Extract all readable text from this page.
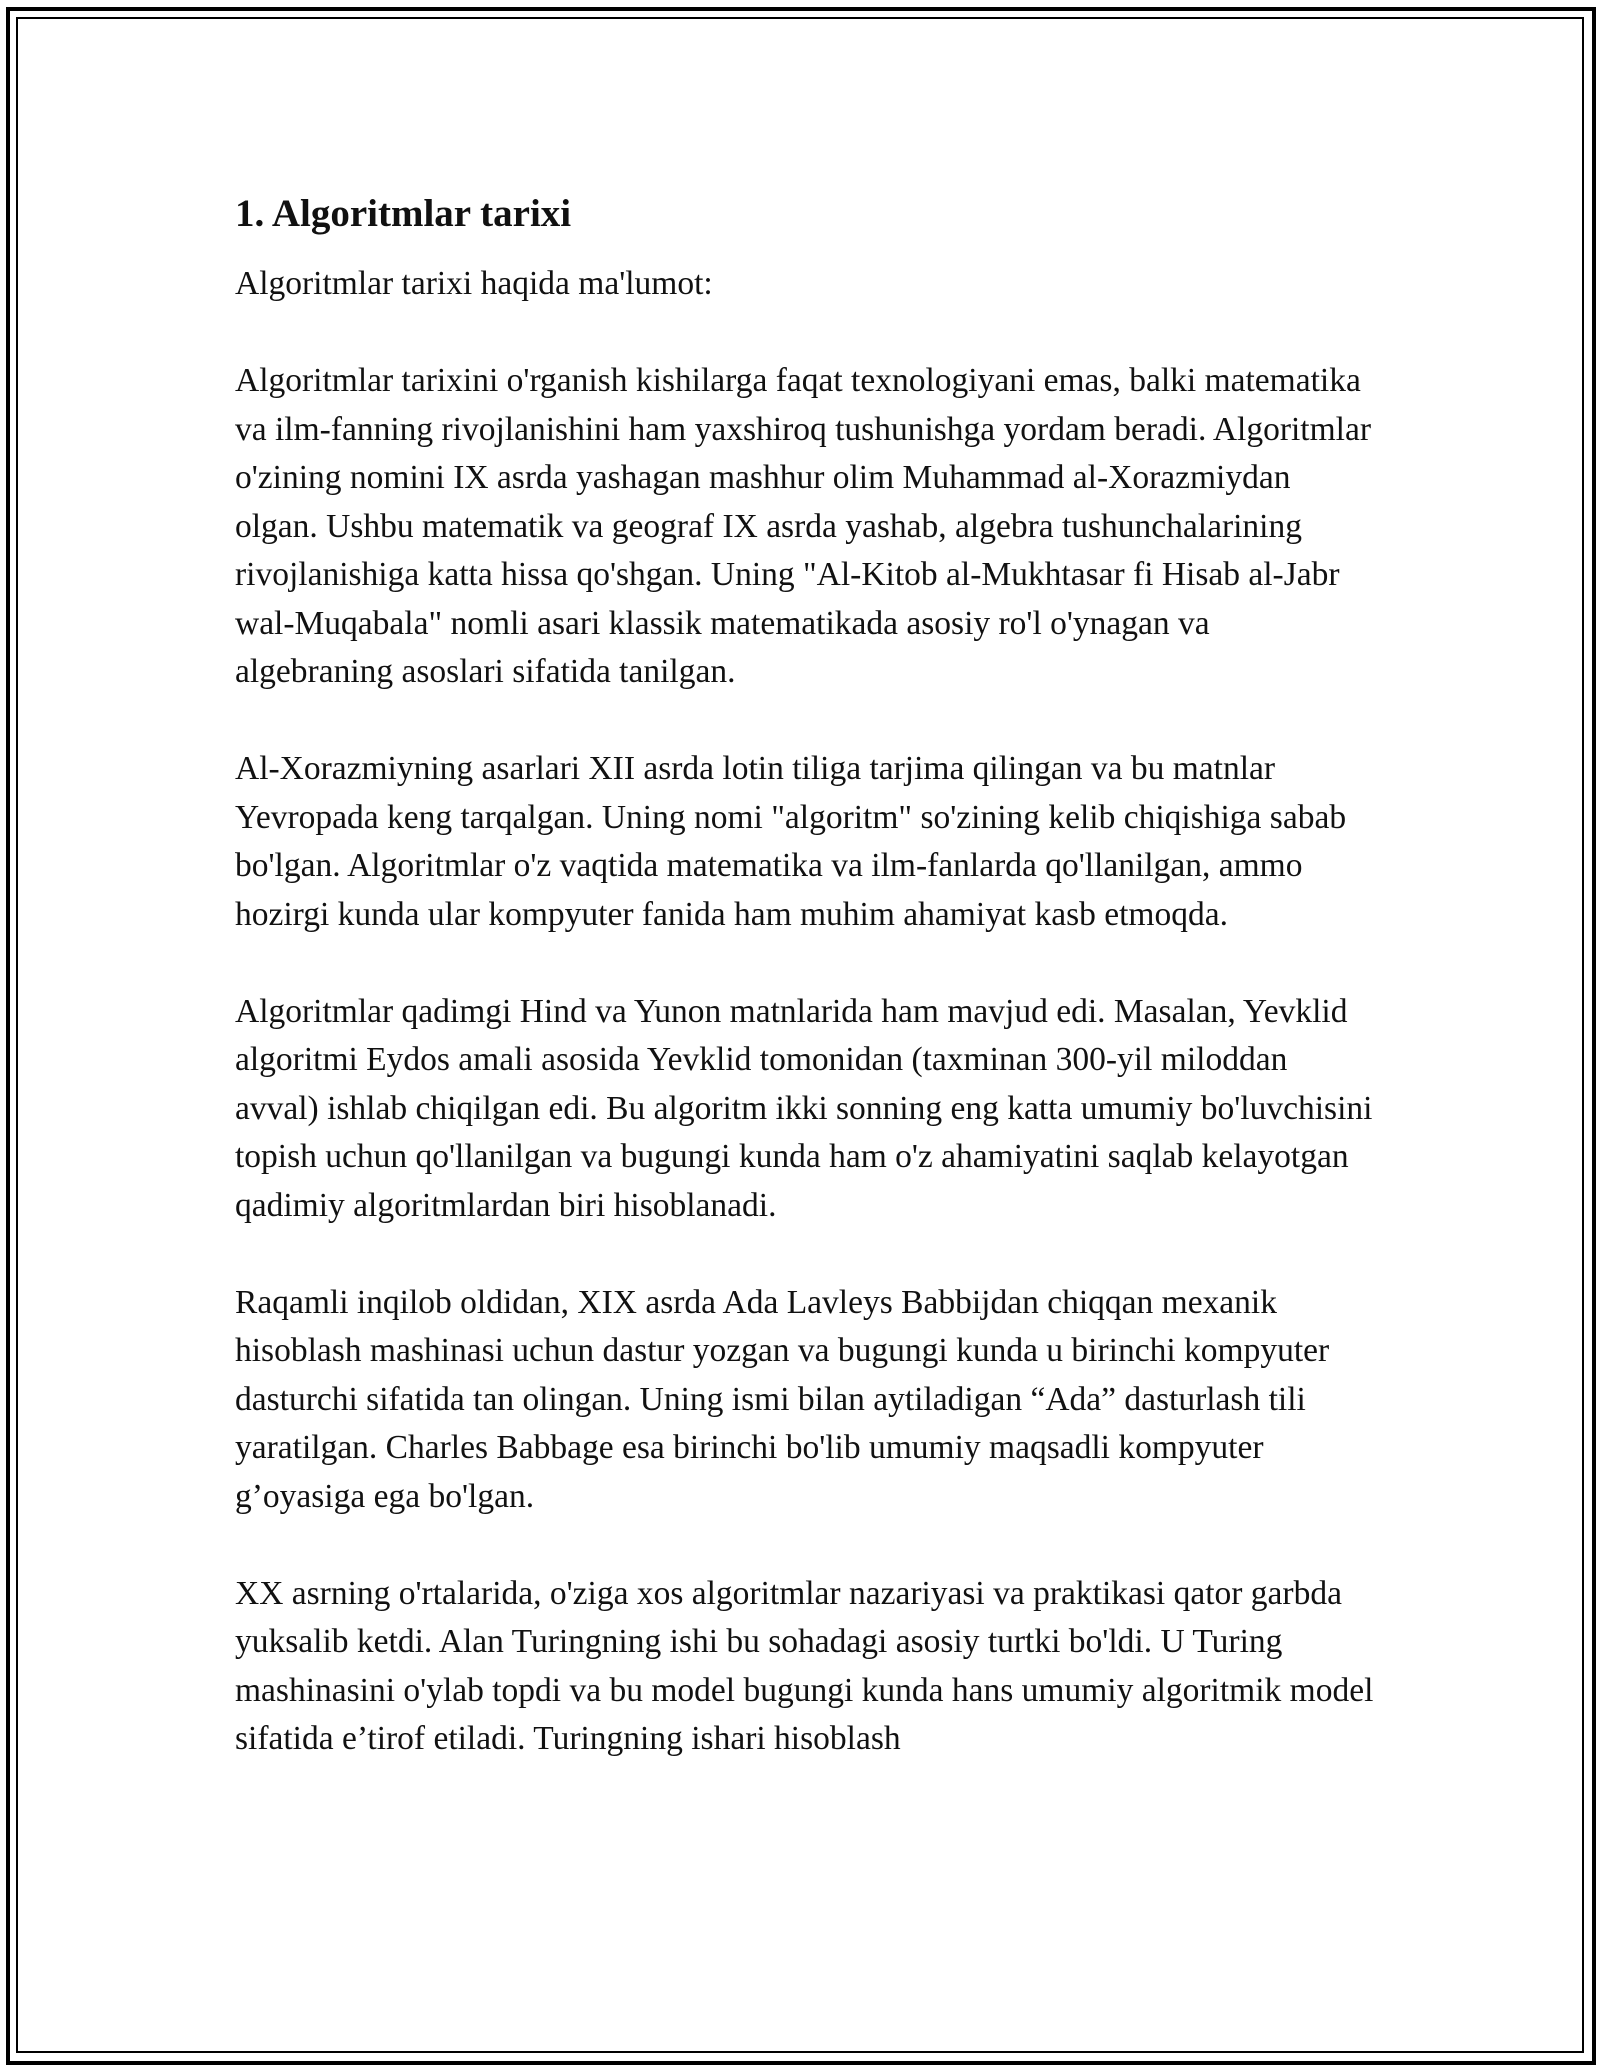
1. Algoritmlar tarixi

Algoritmlar tarixi haqida ma'lumot:

Algoritmlar tarixini o'rganish kishilarga faqat texnologiyani emas, balki matematika va ilm-fanning rivojlanishini ham yaxshiroq tushunishga yordam beradi. Algoritmlar o'zining nomini IX asrda yashagan mashhur olim Muhammad al-Xorazmiydan olgan. Ushbu matematik va geograf IX asrda yashab, algebra tushunchalarining rivojlanishiga katta hissa qo'shgan. Uning "Al-Kitob al-Mukhtasar fi Hisab al-Jabr wal-Muqabala" nomli asari klassik matematikada asosiy ro'l o'ynagan va algebraning asoslari sifatida tanilgan.

Al-Xorazmiyning asarlari XII asrda lotin tiliga tarjima qilingan va bu matnlar Yevropada keng tarqalgan. Uning nomi "algoritm" so'zining kelib chiqishiga sabab bo'lgan. Algoritmlar o'z vaqtida matematika va ilm-fanlarda qo'llanilgan, ammo hozirgi kunda ular kompyuter fanida ham muhim ahamiyat kasb etmoqda.

Algoritmlar qadimgi Hind va Yunon matnlarida ham mavjud edi. Masalan, Yevklid algoritmi Eydos amali asosida Yevklid tomonidan (taxminan 300-yil miloddan avval) ishlab chiqilgan edi. Bu algoritm ikki sonning eng katta umumiy bo'luvchisini topish uchun qo'llanilgan va bugungi kunda ham o'z ahamiyatini saqlab kelayotgan qadimiy algoritmlardan biri hisoblanadi.

Raqamli inqilob oldidan, XIX asrda Ada Lavleys Babbijdan chiqqan mexanik hisoblash mashinasi uchun dastur yozgan va bugungi kunda u birinchi kompyuter dasturchi sifatida tan olingan. Uning ismi bilan aytiladigan “Ada” dasturlash tili yaratilgan. Charles Babbage esa birinchi bo'lib umumiy maqsadli kompyuter g’oyasiga ega bo'lgan.

XX asrning o'rtalarida, o'ziga xos algoritmlar nazariyasi va praktikasi qator garbda yuksalib ketdi. Alan Turingning ishi bu sohadagi asosiy turtki bo'ldi. U Turing mashinasini o'ylab topdi va bu model bugungi kunda hans umumiy algoritmik model sifatida e’tirof etiladi. Turingning ishari hisoblash
